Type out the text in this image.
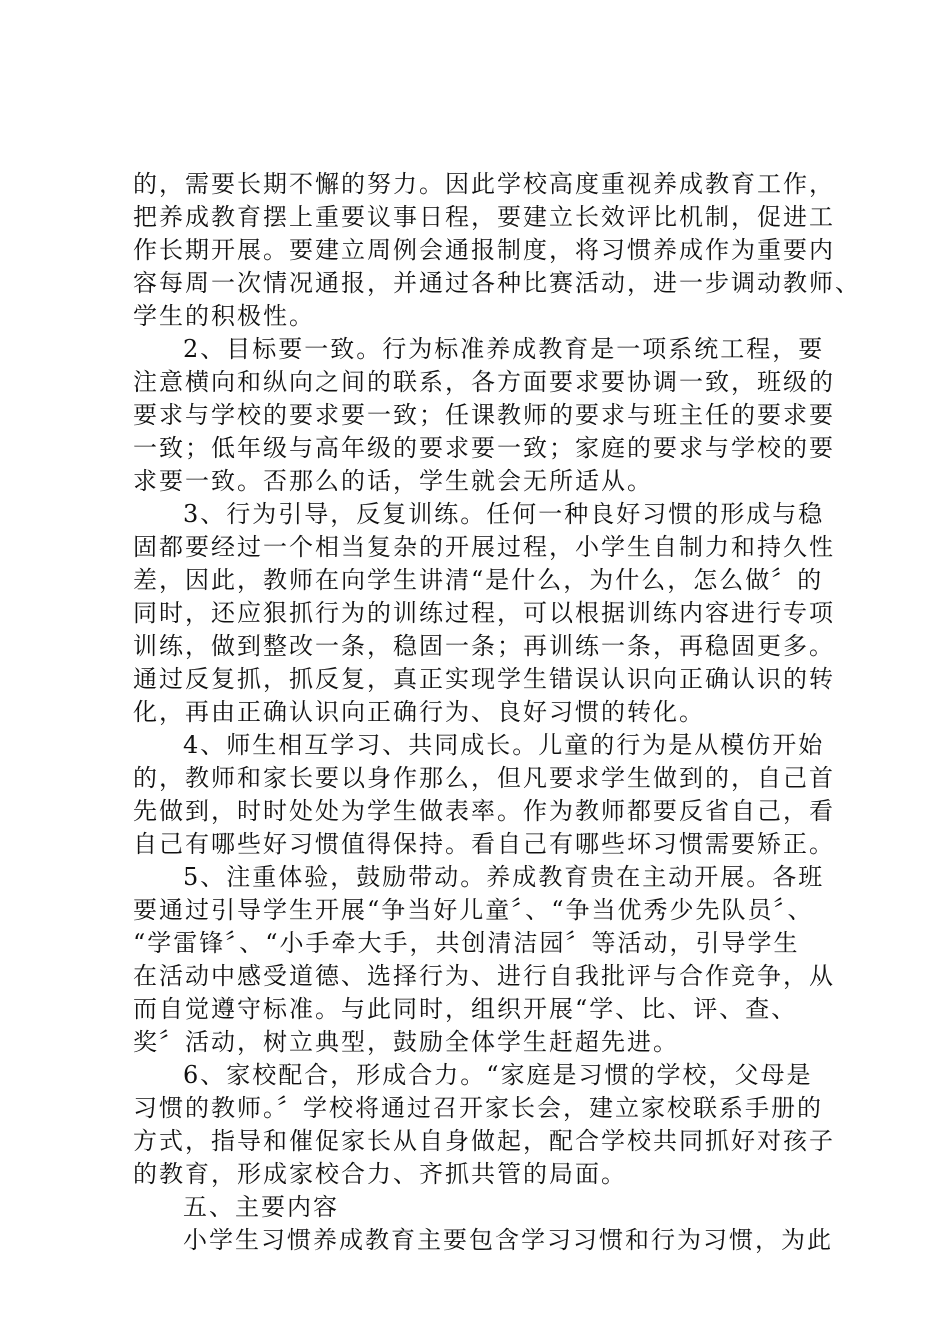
的，需要长期不懈的努力。因此学校高度重视养成教育工作，
把养成教育摆上重要议事日程，要建立长效评比机制，促进工
作长期开展。要建立周例会通报制度，将习惯养成作为重要内
容每周一次情况通报，并通过各种比赛活动，进一步调动教师、
学生的积极性。
2、目标要一致。行为标准养成教育是一项系统工程，要
注意横向和纵向之间的联系，各方面要求要协调一致，班级的
要求与学校的要求要一致；任课教师的要求与班主任的要求要
一致；低年级与高年级的要求要一致；家庭的要求与学校的要
求要一致。否那么的话，学生就会无所适从。
3、行为引导，反复训练。任何一种良好习惯的形成与稳
固都要经过一个相当复杂的开展过程，小学生自制力和持久性
差，因此，教师在向学生讲清“是什么，为什么，怎么做〞的
同时，还应狠抓行为的训练过程，可以根据训练内容进行专项
训练，做到整改一条，稳固一条；再训练一条，再稳固更多。
通过反复抓，抓反复，真正实现学生错误认识向正确认识的转
化，再由正确认识向正确行为、良好习惯的转化。
4、师生相互学习、共同成长。儿童的行为是从模仿开始
的，教师和家长要以身作那么，但凡要求学生做到的，自己首
先做到，时时处处为学生做表率。作为教师都要反省自己，看
自己有哪些好习惯值得保持。看自己有哪些坏习惯需要矫正。
5、注重体验，鼓励带动。养成教育贵在主动开展。各班
要通过引导学生开展“争当好儿童〞、“争当优秀少先队员〞、
“学雷锋〞、“小手牵大手，共创清洁园〞等活动，引导学生
在活动中感受道德、选择行为、进行自我批评与合作竞争，从
而自觉遵守标准。与此同时，组织开展“学、比、评、查、
奖〞活动，树立典型，鼓励全体学生赶超先进。
6、家校配合，形成合力。“家庭是习惯的学校，父母是
习惯的教师。〞学校将通过召开家长会，建立家校联系手册的
方式，指导和催促家长从自身做起，配合学校共同抓好对孩子
的教育，形成家校合力、齐抓共管的局面。
五、主要内容
小学生习惯养成教育主要包含学习习惯和行为习惯，为此
